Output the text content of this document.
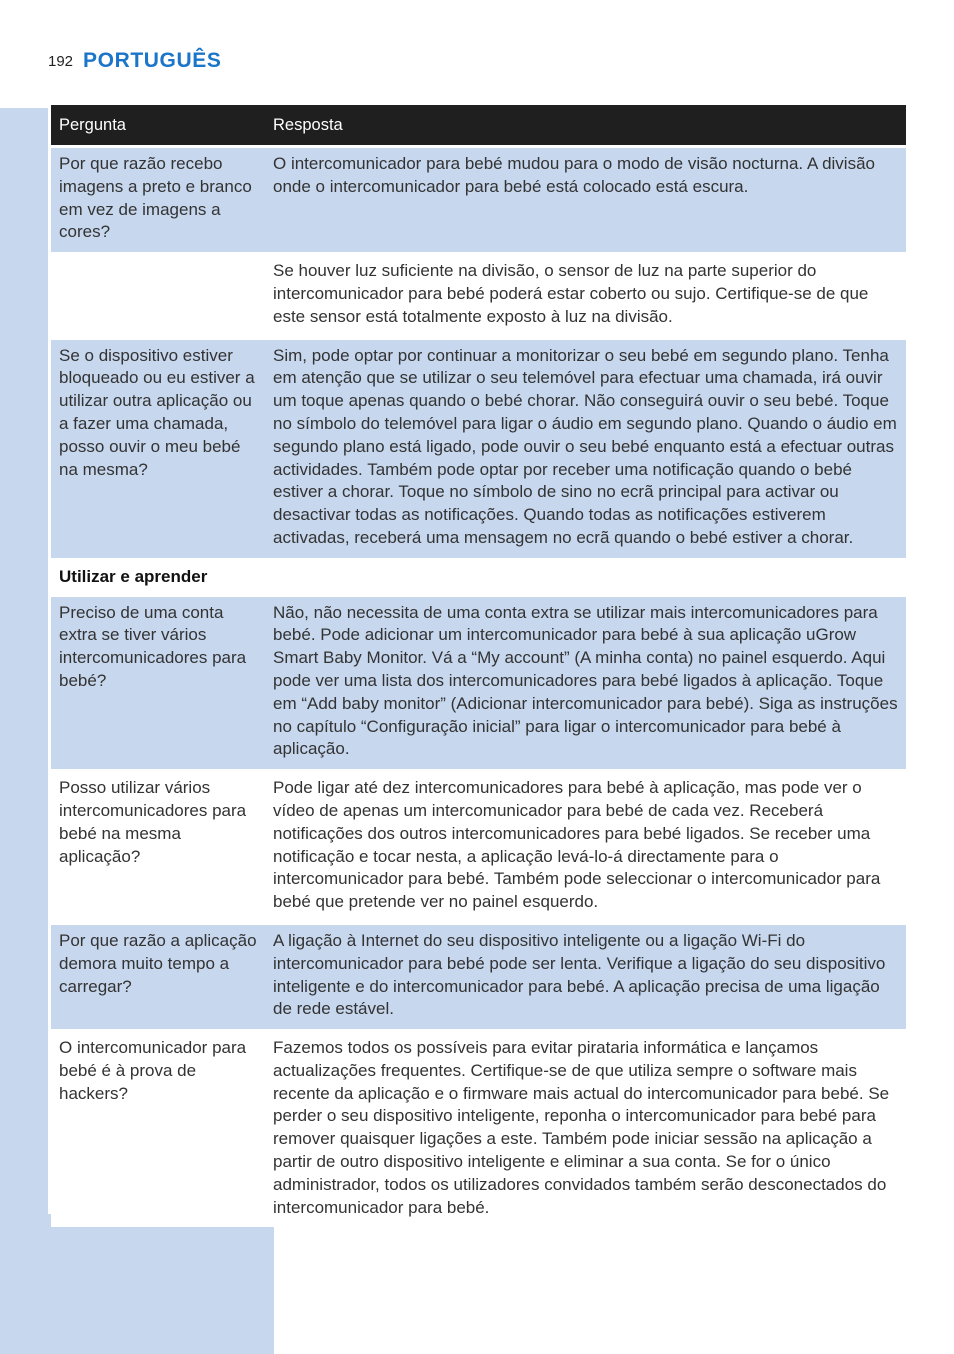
192 PORTUGUÊS
Pergunta	Resposta
Por que razão recebo imagens a preto e branco em vez de imagens a cores?	O intercomunicador para bebé mudou para o modo de visão nocturna. A divisão onde o intercomunicador para bebé está colocado está escura.
	Se houver luz suficiente na divisão, o sensor de luz na parte superior do intercomunicador para bebé poderá estar coberto ou sujo. Certifique-se de que este sensor está totalmente exposto à luz na divisão.
Se o dispositivo estiver bloqueado ou eu estiver a utilizar outra aplicação ou a fazer uma chamada, posso ouvir o meu bebé na mesma?	Sim, pode optar por continuar a monitorizar o seu bebé em segundo plano. Tenha em atenção que se utilizar o seu telemóvel para efectuar uma chamada, irá ouvir um toque apenas quando o bebé chorar. Não conseguirá ouvir o seu bebé. Toque no símbolo do telemóvel para ligar o áudio em segundo plano. Quando o áudio em segundo plano está ligado, pode ouvir o seu bebé enquanto está a efectuar outras actividades. Também pode optar por receber uma notificação quando o bebé estiver a chorar. Toque no símbolo de sino no ecrã principal para activar ou desactivar todas as notificações. Quando todas as notificações estiverem activadas, receberá uma mensagem no ecrã quando o bebé estiver a chorar.
Utilizar e aprender	
Preciso de uma conta extra se tiver vários intercomunicadores para bebé?	Não, não necessita de uma conta extra se utilizar mais intercomunicadores para bebé. Pode adicionar um intercomunicador para bebé à sua aplicação uGrow Smart Baby Monitor. Vá a “My account” (A minha conta) no painel esquerdo. Aqui pode ver uma lista dos intercomunicadores para bebé ligados à aplicação. Toque em “Add baby monitor” (Adicionar intercomunicador para bebé). Siga as instruções no capítulo “Configuração inicial” para ligar o intercomunicador para bebé à aplicação.
Posso utilizar vários intercomunicadores para bebé na mesma aplicação?	Pode ligar até dez intercomunicadores para bebé à aplicação, mas pode ver o vídeo de apenas um intercomunicador para bebé de cada vez. Receberá notificações dos outros intercomunicadores para bebé ligados. Se receber uma notificação e tocar nesta, a aplicação levá-lo-á directamente para o intercomunicador para bebé. Também pode seleccionar o intercomunicador para bebé que pretende ver no painel esquerdo.
Por que razão a aplicação demora muito tempo a carregar?	A ligação à Internet do seu dispositivo inteligente ou a ligação Wi-Fi do intercomunicador para bebé pode ser lenta. Verifique a ligação do seu dispositivo inteligente e do intercomunicador para bebé. A aplicação precisa de uma ligação de rede estável.
O intercomunicador para bebé é à prova de hackers?	Fazemos todos os possíveis para evitar pirataria informática e lançamos actualizações frequentes. Certifique-se de que utiliza sempre o software mais recente da aplicação e o firmware mais actual do intercomunicador para bebé. Se perder o seu dispositivo inteligente, reponha o intercomunicador para bebé para remover quaisquer ligações a este. Também pode iniciar sessão na aplicação a partir de outro dispositivo inteligente e eliminar a sua conta. Se for o único administrador, todos os utilizadores convidados também serão desconectados do intercomunicador para bebé.
